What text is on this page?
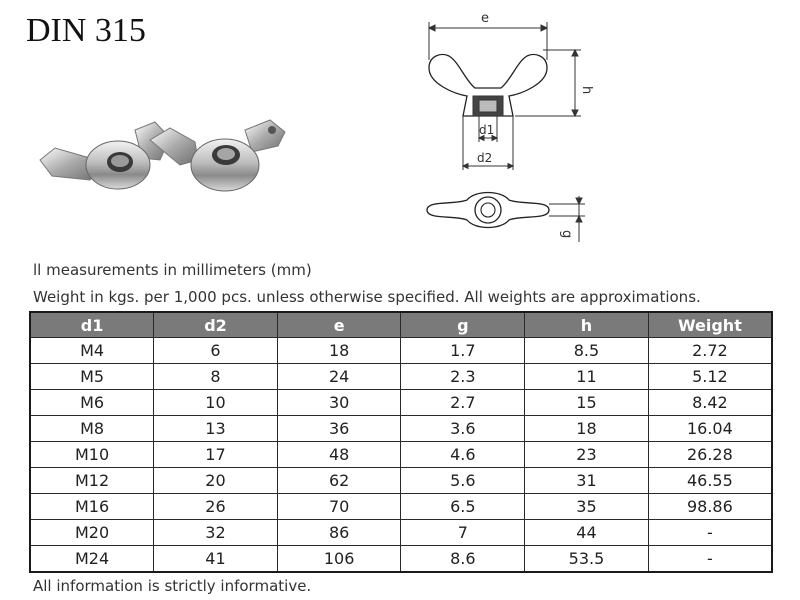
DIN 315	e
h
d1
d2
g
ll measurements in millimeters (mm)
Weight in kgs. per 1,000 pcs. unless otherwise specified. All weights are approximations.
d1	d2	e	g	h	Weight
M4	6	18	1.7	8.5	2.72
M5	8	24	2.3	11	5.12
M6	10	30	2.7	15	8.42
M8	13	36	3.6	18	16.04
M10	17	48	4.6	23	26.28
M12	20	62	5.6	31	46.55
M16	26	70	6.5	35	98.86
M20	32	86	7	44	-
M24	41	106	8.6	53.5	-
All information is strictly informative.
